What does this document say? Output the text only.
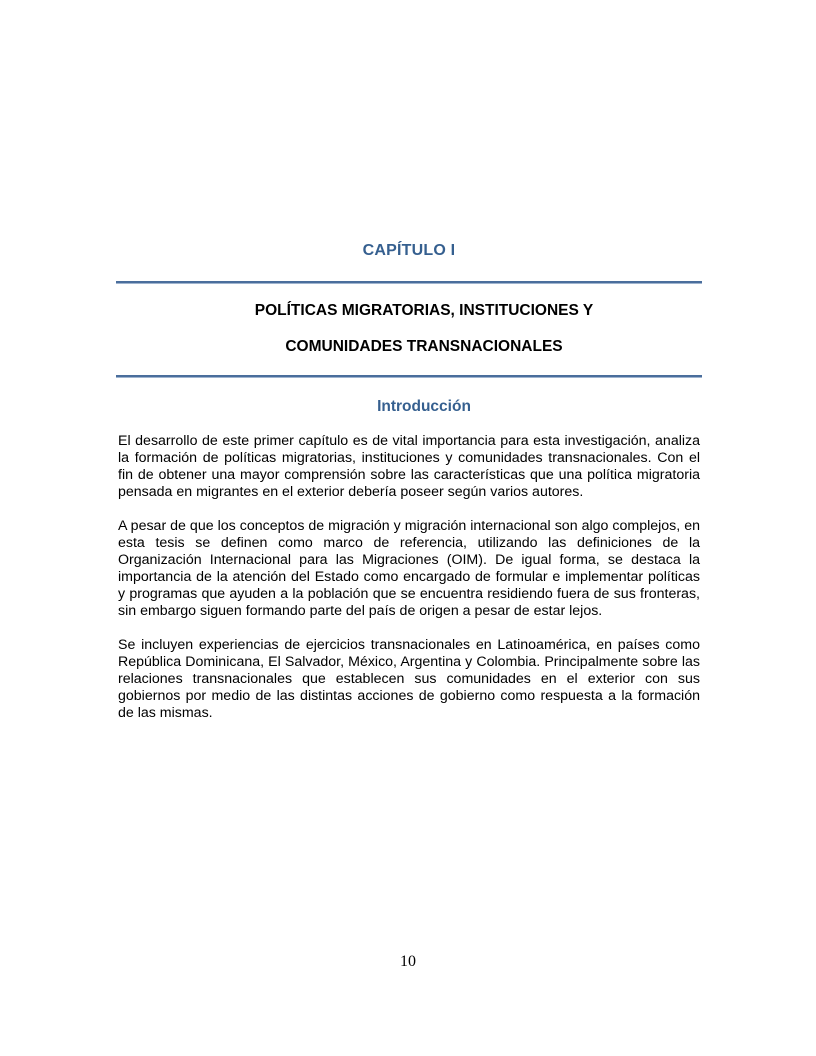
CAPÍTULO I
POLÍTICAS MIGRATORIAS, INSTITUCIONES Y
COMUNIDADES TRANSNACIONALES
Introducción

El desarrollo de este primer capítulo es de vital importancia para esta investigación, analiza la formación de políticas migratorias, instituciones y comunidades transnacionales. Con el fin de obtener una mayor comprensión sobre las características que una política migratoria pensada en migrantes en el exterior debería poseer según varios autores.

A pesar de que los conceptos de migración y migración internacional son algo complejos, en esta tesis se definen como marco de referencia, utilizando las definiciones de la Organización Internacional para las Migraciones (OIM). De igual forma, se destaca la importancia de la atención del Estado como encargado de formular e implementar políticas y programas que ayuden a la población que se encuentra residiendo fuera de sus fronteras, sin embargo siguen formando parte del país de origen a pesar de estar lejos.

Se incluyen experiencias de ejercicios transnacionales en Latinoamérica, en países como República Dominicana, El Salvador, México, Argentina y Colombia. Principalmente sobre las relaciones transnacionales que establecen sus comunidades en el exterior con sus gobiernos por medio de las distintas acciones de gobierno como respuesta a la formación de las mismas.

10
